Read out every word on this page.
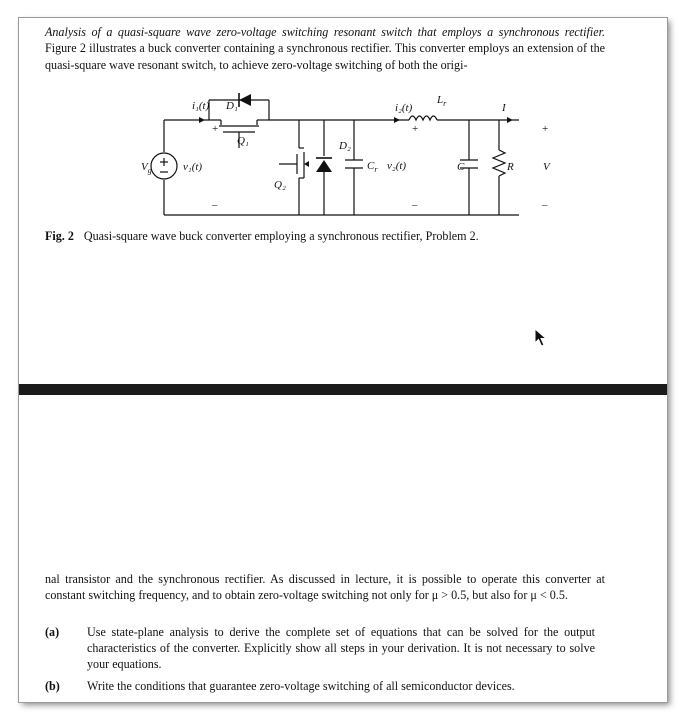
Analysis of a quasi-square wave zero-voltage switching resonant switch that employs a synchronous rectifier. Figure 2 illustrates a buck converter containing a synchronous rectifier. This converter employs an extension of the quasi-square wave resonant switch, to achieve zero-voltage switching of both the origi-
i₁(t) D₁
+
Q₁
$V_g$	v₁(t)
–
Q₂
D₂
$C_r$ v₂(t)
i₂(t)
+
–
$L_r$	I
C	R	V
+
–
Fig. 2 Quasi-square wave buck converter employing a synchronous rectifier, Problem 2.
nal transistor and the synchronous rectifier. As discussed in lecture, it is possible to operate this converter at constant switching frequency, and to obtain zero-voltage switching not only for μ > 0.5, but also for μ < 0.5.
(a) Use state-plane analysis to derive the complete set of equations that can be solved for the output characteristics of the converter. Explicitly show all steps in your derivation. It is not necessary to solve your equations.
(b) Write the conditions that guarantee zero-voltage switching of all semiconductor devices.
